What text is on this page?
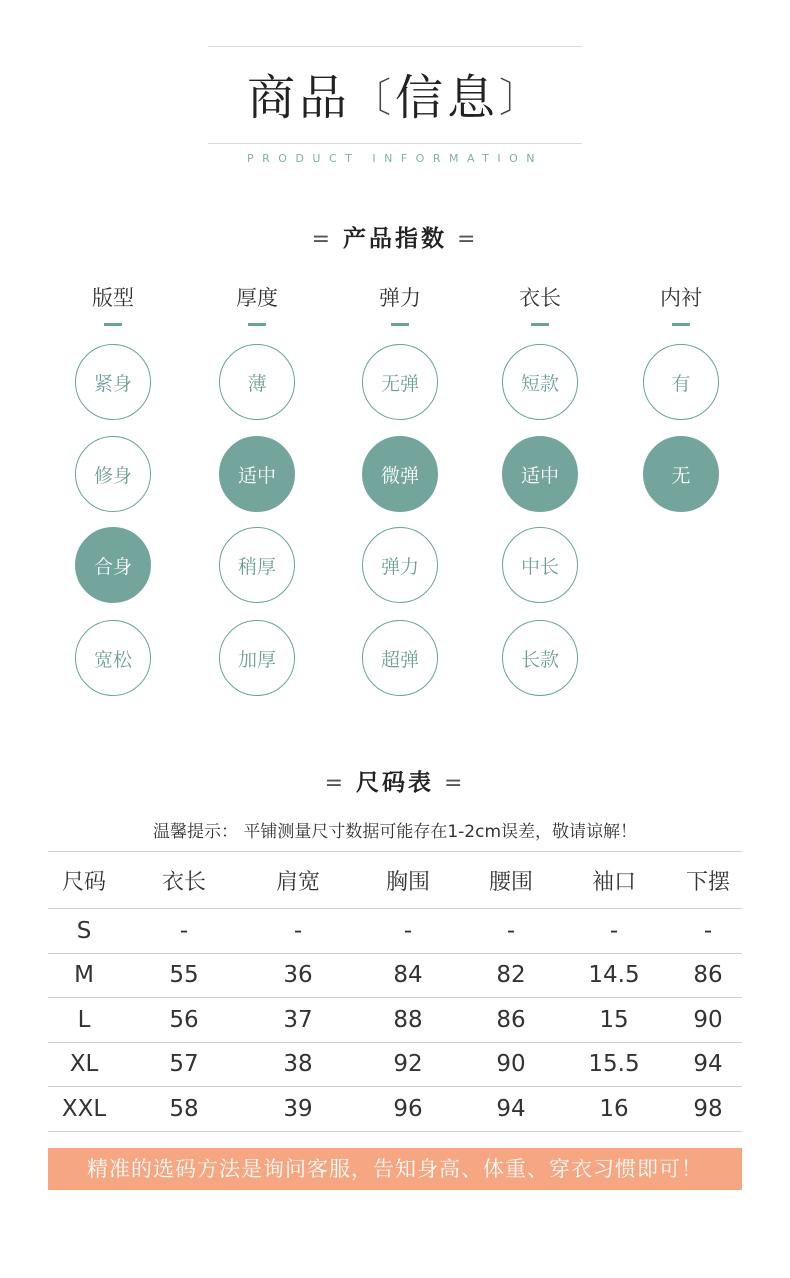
商品〔信息〕
PRODUCT INFORMATION
= 产品指数 =
版型
紧身
修身
合身
宽松
厚度
薄
适中
稍厚
加厚
弹力
无弹
微弹
弹力
超弹
衣长
短款
适中
中长
长款
内衬
有
无
= 尺码表 =
温馨提示： 平铺测量尺寸数据可能存在1-2cm误差，敬请谅解！
尺码	衣长	肩宽	胸围	腰围	袖口	下摆
S	-	-	-	-	-	-
M	55	36	84	82	14.5	86
L	56	37	88	86	15	90
XL	57	38	92	90	15.5	94
XXL	58	39	96	94	16	98
精准的选码方法是询问客服，告知身高、体重、穿衣习惯即可！
